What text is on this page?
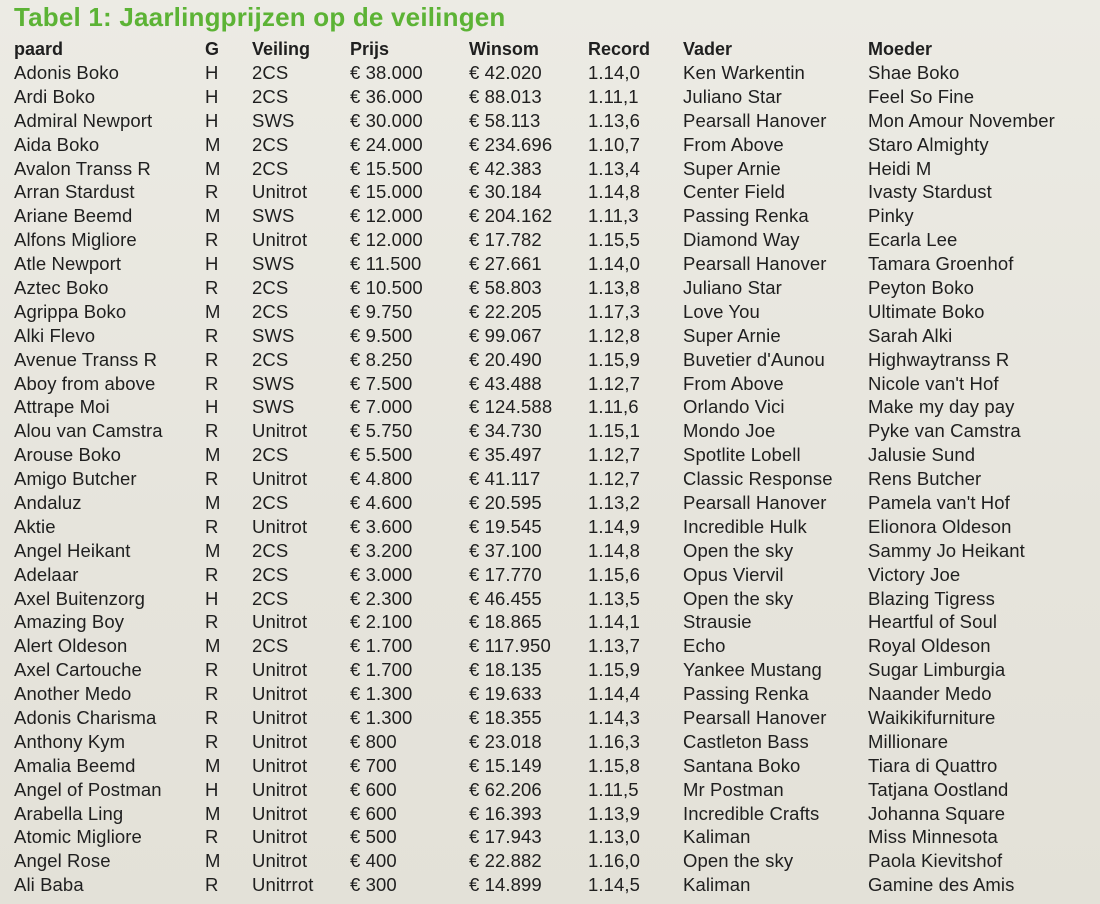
Tabel 1: Jaarlingprijzen op de veilingen
paard	G	Veiling	Prijs	Winsom	Record	Vader	Moeder
Adonis Boko	H	2CS	€ 38.000	€ 42.020	1.14,0	Ken Warkentin	Shae Boko
Ardi Boko	H	2CS	€ 36.000	€ 88.013	1.11,1	Juliano Star	Feel So Fine
Admiral Newport	H	SWS	€ 30.000	€ 58.113	1.13,6	Pearsall Hanover	Mon Amour November
Aida Boko	M	2CS	€ 24.000	€ 234.696	1.10,7	From Above	Staro Almighty
Avalon Transs R	M	2CS	€ 15.500	€ 42.383	1.13,4	Super Arnie	Heidi M
Arran Stardust	R	Unitrot	€ 15.000	€ 30.184	1.14,8	Center Field	Ivasty Stardust
Ariane Beemd	M	SWS	€ 12.000	€ 204.162	1.11,3	Passing Renka	Pinky
Alfons Migliore	R	Unitrot	€ 12.000	€ 17.782	1.15,5	Diamond Way	Ecarla Lee
Atle Newport	H	SWS	€ 11.500	€ 27.661	1.14,0	Pearsall Hanover	Tamara Groenhof
Aztec Boko	R	2CS	€ 10.500	€ 58.803	1.13,8	Juliano Star	Peyton Boko
Agrippa Boko	M	2CS	€ 9.750	€ 22.205	1.17,3	Love You	Ultimate Boko
Alki Flevo	R	SWS	€ 9.500	€ 99.067	1.12,8	Super Arnie	Sarah Alki
Avenue Transs R	R	2CS	€ 8.250	€ 20.490	1.15,9	Buvetier d'Aunou	Highwaytranss R
Aboy from above	R	SWS	€ 7.500	€ 43.488	1.12,7	From Above	Nicole van't Hof
Attrape Moi	H	SWS	€ 7.000	€ 124.588	1.11,6	Orlando Vici	Make my day pay
Alou van Camstra	R	Unitrot	€ 5.750	€ 34.730	1.15,1	Mondo Joe	Pyke van Camstra
Arouse Boko	M	2CS	€ 5.500	€ 35.497	1.12,7	Spotlite Lobell	Jalusie Sund
Amigo Butcher	R	Unitrot	€ 4.800	€ 41.117	1.12,7	Classic Response	Rens Butcher
Andaluz	M	2CS	€ 4.600	€ 20.595	1.13,2	Pearsall Hanover	Pamela van't Hof
Aktie	R	Unitrot	€ 3.600	€ 19.545	1.14,9	Incredible Hulk	Elionora Oldeson
Angel Heikant	M	2CS	€ 3.200	€ 37.100	1.14,8	Open the sky	Sammy Jo Heikant
Adelaar	R	2CS	€ 3.000	€ 17.770	1.15,6	Opus Viervil	Victory Joe
Axel Buitenzorg	H	2CS	€ 2.300	€ 46.455	1.13,5	Open the sky	Blazing Tigress
Amazing Boy	R	Unitrot	€ 2.100	€ 18.865	1.14,1	Strausie	Heartful of Soul
Alert Oldeson	M	2CS	€ 1.700	€ 117.950	1.13,7	Echo	Royal Oldeson
Axel Cartouche	R	Unitrot	€ 1.700	€ 18.135	1.15,9	Yankee Mustang	Sugar Limburgia
Another Medo	R	Unitrot	€ 1.300	€ 19.633	1.14,4	Passing Renka	Naander Medo
Adonis Charisma	R	Unitrot	€ 1.300	€ 18.355	1.14,3	Pearsall Hanover	Waikikifurniture
Anthony Kym	R	Unitrot	€ 800	€ 23.018	1.16,3	Castleton Bass	Millionare
Amalia Beemd	M	Unitrot	€ 700	€ 15.149	1.15,8	Santana Boko	Tiara di Quattro
Angel of Postman	H	Unitrot	€ 600	€ 62.206	1.11,5	Mr Postman	Tatjana Oostland
Arabella Ling	M	Unitrot	€ 600	€ 16.393	1.13,9	Incredible Crafts	Johanna Square
Atomic Migliore	R	Unitrot	€ 500	€ 17.943	1.13,0	Kaliman	Miss Minnesota
Angel Rose	M	Unitrot	€ 400	€ 22.882	1.16,0	Open the sky	Paola Kievitshof
Ali Baba	R	Unitrrot	€ 300	€ 14.899	1.14,5	Kaliman	Gamine des Amis
